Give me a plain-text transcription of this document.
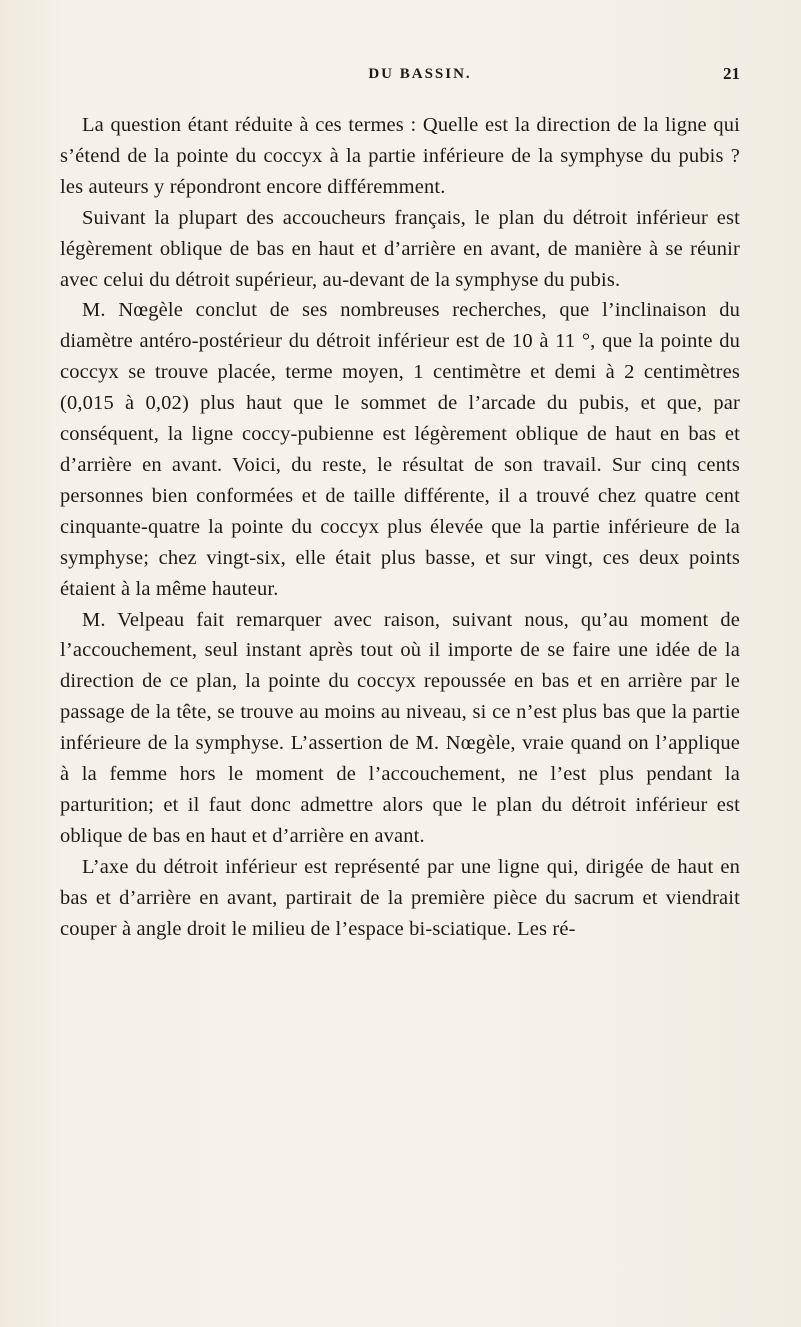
DU BASSIN.	21

La question étant réduite à ces termes : Quelle est la direction de la ligne qui s’étend de la pointe du coccyx à la partie inférieure de la symphyse du pubis ? les auteurs y répondront encore différemment.

Suivant la plupart des accoucheurs français, le plan du détroit inférieur est légèrement oblique de bas en haut et d’arrière en avant, de manière à se réunir avec celui du détroit supérieur, au-devant de la symphyse du pubis.

M. Nœgèle conclut de ses nombreuses recherches, que l’inclinaison du diamètre antéro-postérieur du détroit inférieur est de 10 à 11 °, que la pointe du coccyx se trouve placée, terme moyen, 1 centimètre et demi à 2 centimètres (0,015 à 0,02) plus haut que le sommet de l’arcade du pubis, et que, par conséquent, la ligne coccy-pubienne est légèrement oblique de haut en bas et d’arrière en avant. Voici, du reste, le résultat de son travail. Sur cinq cents personnes bien conformées et de taille différente, il a trouvé chez quatre cent cinquante-quatre la pointe du coccyx plus élevée que la partie inférieure de la symphyse; chez vingt-six, elle était plus basse, et sur vingt, ces deux points étaient à la même hauteur.

M. Velpeau fait remarquer avec raison, suivant nous, qu’au moment de l’accouchement, seul instant après tout où il importe de se faire une idée de la direction de ce plan, la pointe du coccyx repoussée en bas et en arrière par le passage de la tête, se trouve au moins au niveau, si ce n’est plus bas que la partie inférieure de la symphyse. L’assertion de M. Nœgèle, vraie quand on l’applique à la femme hors le moment de l’accouchement, ne l’est plus pendant la parturition; et il faut donc admettre alors que le plan du détroit inférieur est oblique de bas en haut et d’arrière en avant.

L’axe du détroit inférieur est représenté par une ligne qui, dirigée de haut en bas et d’arrière en avant, partirait de la première pièce du sacrum et viendrait couper à angle droit le milieu de l’espace bi-sciatique. Les ré-
